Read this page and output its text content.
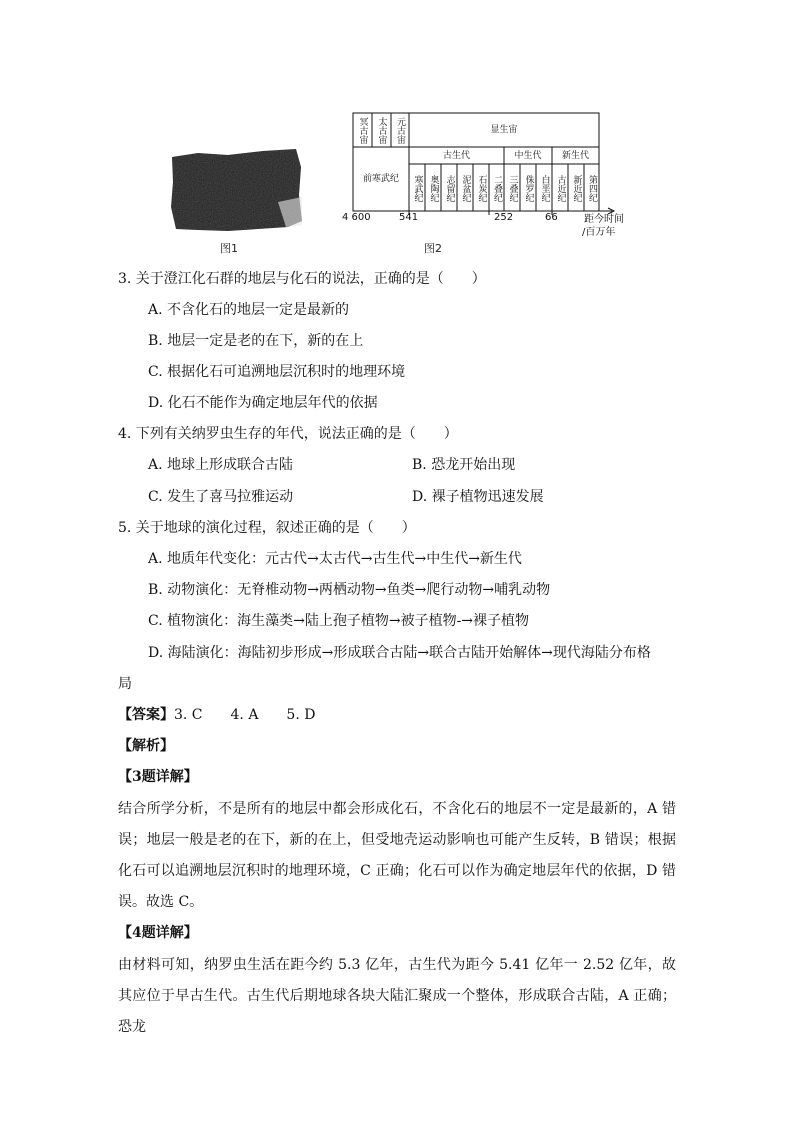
图1
冥古宙	太古宙 元古宙	显生宙
前寒武纪
古生代	中生代	新生代
寒武纪 奥陶纪 志留纪 泥盆纪 石炭纪 二叠纪 三叠纪 侏罗纪 白垩纪 古近纪 新近纪 第四纪
4 600	541	252	66	距今时间
/百万年
图2
3. 关于澄江化石群的地层与化石的说法，正确的是（　　）
A. 不含化石的地层一定是最新的
B. 地层一定是老的在下，新的在上
C. 根据化石可追溯地层沉积时的地理环境
D. 化石不能作为确定地层年代的依据
4. 下列有关纳罗虫生存的年代，说法正确的是（　　）
A. 地球上形成联合古陆	B. 恐龙开始出现
C. 发生了喜马拉雅运动	D. 裸子植物迅速发展
5. 关于地球的演化过程，叙述正确的是（　　）
A. 地质年代变化：元古代→太古代→古生代→中生代→新生代
B. 动物演化：无脊椎动物→两栖动物→鱼类→爬行动物→哺乳动物
C. 植物演化：海生藻类→陆上孢子植物→被子植物-→裸子植物
D. 海陆演化：海陆初步形成→形成联合古陆→联合古陆开始解体→现代海陆分布格
局
【答案】3. C　　4. A　　5. D
【解析】
【3题详解】
结合所学分析，不是所有的地层中都会形成化石，不含化石的地层不一定是最新的，A 错误；地层一般是老的在下，新的在上，但受地壳运动影响也可能产生反转，B 错误；根据化石可以追溯地层沉积时的地理环境，C 正确；化石可以作为确定地层年代的依据，D 错误。故选 C。
【4题详解】
由材料可知，纳罗虫生活在距今约 5.3 亿年，古生代为距今 5.41 亿年一 2.52 亿年，故其应位于早古生代。古生代后期地球各块大陆汇聚成一个整体，形成联合古陆，A 正确；恐龙
